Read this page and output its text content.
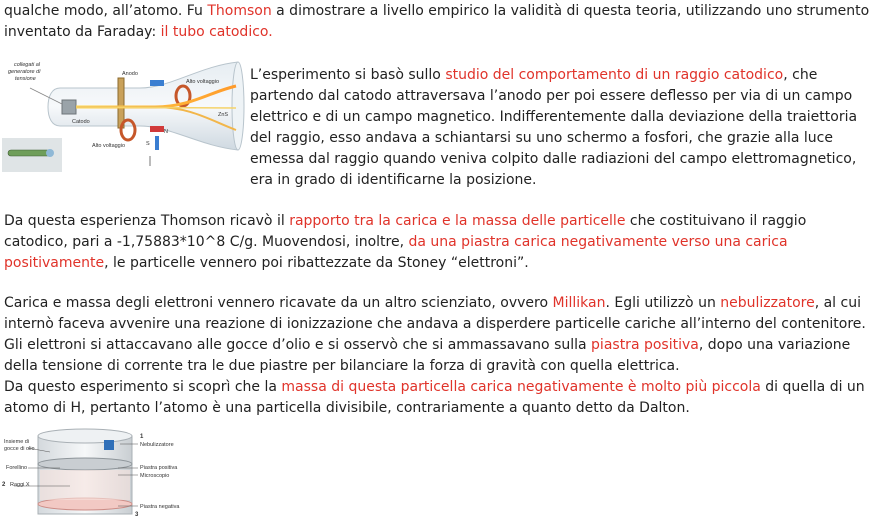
qualche modo, all’atomo. Fu Thomson a dimostrare a livello empirico la validità di questa teoria, utilizzando uno strumento
inventato da Faraday: il tubo catodico.
L’esperimento si basò sullo studio del comportamento di un raggio catodico, che
partendo dal catodo attraversava l’anodo per poi essere deflesso per via di un campo
elettrico e di un campo magnetico. Indifferentemente dalla deviazione della traiettoria
del raggio, esso andava a schiantarsi su uno schermo a fosfori, che grazie alla luce
emessa dal raggio quando veniva colpito dalle radiazioni del campo elettromagnetico,
era in grado di identificarne la posizione.
Da questa esperienza Thomson ricavò il rapporto tra la carica e la massa delle particelle che costituivano il raggio
catodico, pari a -1,75883*10^8 C/g. Muovendosi, inoltre, da una piastra carica negativamente verso una carica
positivamente, le particelle vennero poi ribattezzate da Stoney “elettroni”.
Carica e massa degli elettroni vennero ricavate da un altro scienziato, ovvero Millikan. Egli utilizzò un nebulizzatore, al cui
internò faceva avvenire una reazione di ionizzazione che andava a disperdere particelle cariche all’interno del contenitore.
Gli elettroni si attaccavano alle gocce d’olio e si osservò che si ammassavano sulla piastra positiva, dopo una variazione
della tensione di corrente tra le due piastre per bilanciare la forza di gravità con quella elettrica.
Da questo esperimento si scoprì che la massa di questa particella carica negativamente è molto più piccola di quella di un
atomo di H, pertanto l’atomo è una particella divisibile, contrariamente a quanto detto da Dalton.
collegati al
generatore di
tensione
Anodo
Alto voltaggio
Catodo
Alto voltaggio
ZnS
S
N
Insieme di
gocce di olio
Forellino
2 Raggi X
1
Nebulizzatore
Piastra positiva
Microscopio
Piastra negativa
3
